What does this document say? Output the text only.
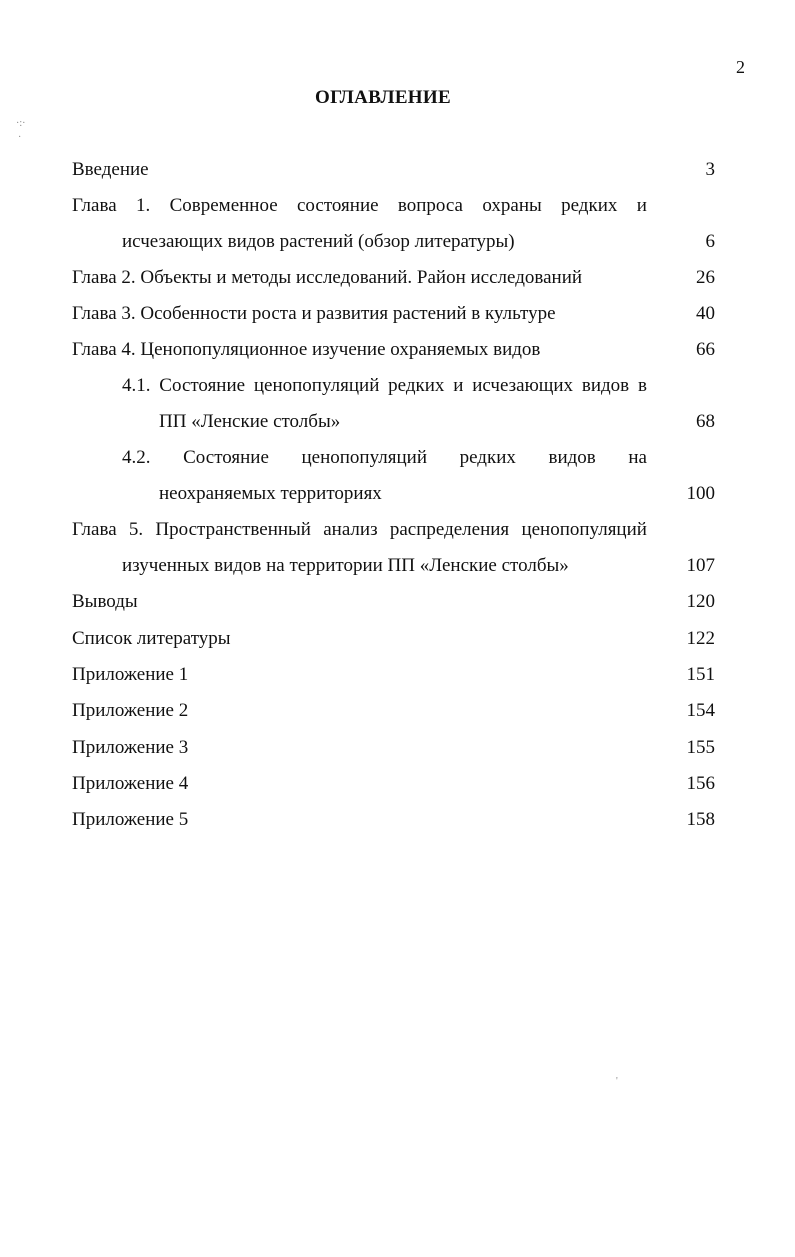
2
ОГЛАВЛЕНИЕ
·:·
·
Введение	3
Глава 1. Современное состояние вопроса охраны редких и
исчезающих видов растений (обзор литературы)	6
Глава 2. Объекты и методы исследований. Район исследований	26
Глава 3. Особенности роста и развития растений в культуре	40
Глава 4. Ценопопуляционное изучение охраняемых видов	66
4.1. Состояние ценопопуляций редких и исчезающих видов в
ПП «Ленские столбы»	68
4.2. Состояние ценопопуляций редких видов на
неохраняемых территориях	100
Глава 5. Пространственный анализ распределения ценопопуляций
изученных видов на территории ПП «Ленские столбы»	107
Выводы	120
Список литературы	122
Приложение 1	151
Приложение 2	154
Приложение 3	155
Приложение 4	156
Приложение 5	158
'
